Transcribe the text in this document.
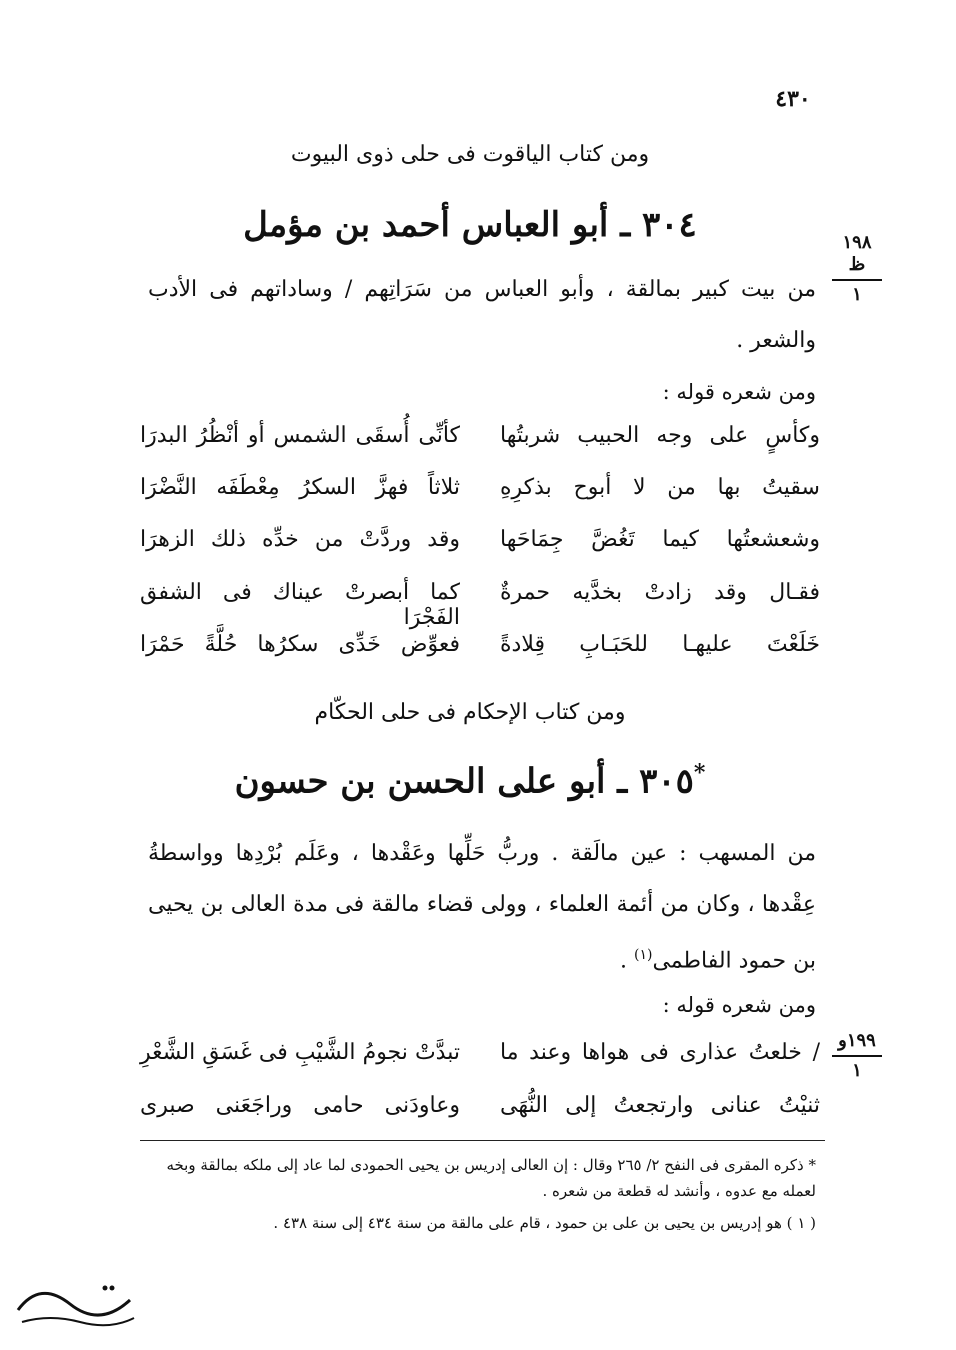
٤٣٠
ومن كتاب الياقوت فى حلى ذوى البيوت
٣٠٤ ـ أبو العباس أحمد بن مؤمل	١٩٨ ظ
١
من بيت كبير بمالقة ، وأبو العباس من سَرَاتِهم / وساداتهم فى الأدب والشعر .
ومن شعره قوله :
وكأسٍ على وجه الحبيب شربتُها
كأنِّى أُسقَى الشمس أو أنْظُرُ البدرَا
سقيتُ بها من لا أبوح بذكرِهِ
ثلاثاً فهزَّ السكرُ مِعْطَفَه النَّضْرَا
وشعشعتُها كيما تَغُضَّ جِمَاحَها
وقد وردَّتْ من خدِّه ذلك الزهرَا
فقـال وقد زادتْ بخدَّيه حمرةٌ
كما أبصرتْ عيناك فى الشفق الفَجْرَا
خَلَعْتَ عليهـا للحَبَـابِ قِلادةً
فعوِّض خَدِّى سكرُها حُلَّةً حَمْرَا
ومن كتاب الإحكام فى حلى الحكّام
٣٠٥ ـ أبو على الحسن بن حسون*
من المسهب : عين مالَقة . وربُّ حَلِّها وعَقْدها ، وعَلَم بُرْدِها وواسطةُ عِقْدها ، وكان من أئمة العلماء ، وولى قضاء مالقة فى مدة العالى بن يحيى بن حمود الفاطمى$^{(١)}$ .
ومن شعره قوله :
١٩٩و
١
/ خلعتُ عذارى فى هواها وعند ما
تبدَّتْ نجومُ الشَّيْبِ فى غَسَقِ الشَّعْرِ
ثنيْتُ عنانى وارتجعتُ إلى النُّهَى
وعاودَنى حامى وراجَعَنى صبرى
* ذكره المقرى فى النفح ٢/ ٢٦٥ وقال : إن العالى إدريس بن يحيى الحمودى لما عاد إلى ملكه بمالقة وبخه لعمله مع عدوه ، وأنشد له قطعة من شعره .
( ١ ) هو إدريس بن يحيى بن على بن حمود ، قام على مالقة من سنة ٤٣٤ إلى سنة ٤٣٨ .
